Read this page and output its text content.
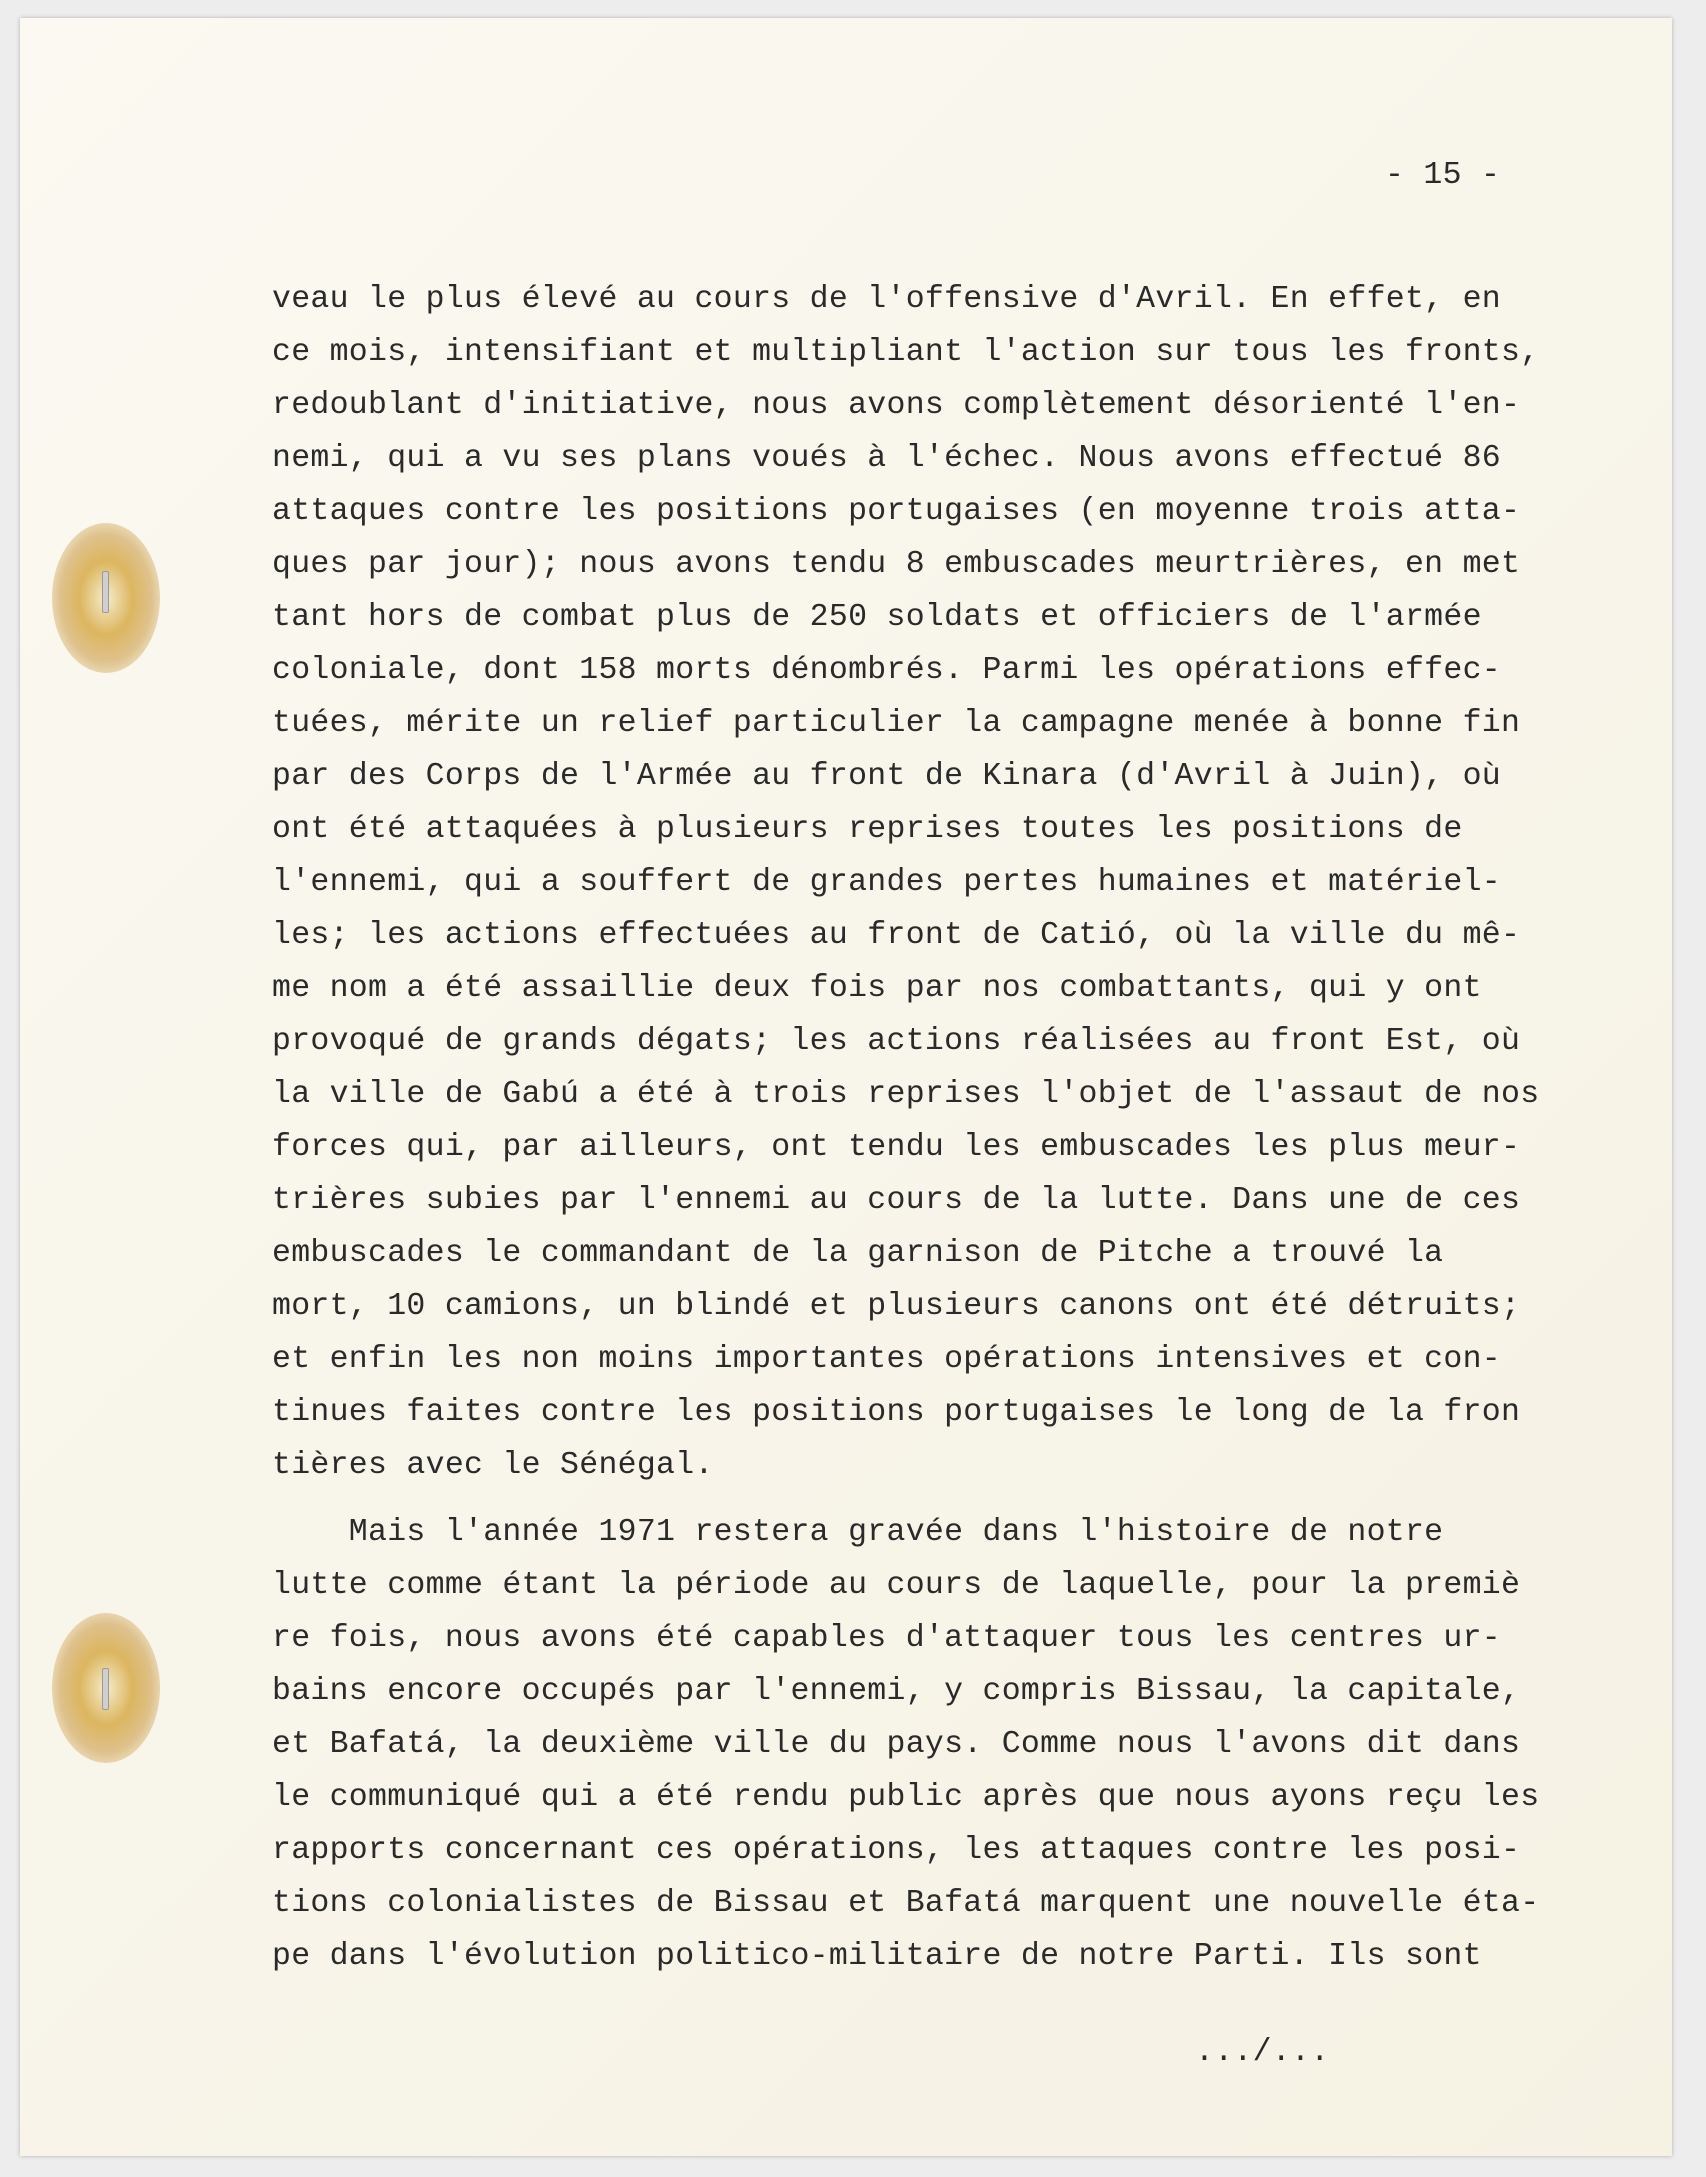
- 15 -
veau le plus élevé au cours de l'offensive d'Avril. En effet, en
ce mois, intensifiant et multipliant l'action sur tous les fronts,
redoublant d'initiative, nous avons complètement désorienté l'en-
nemi, qui a vu ses plans voués à l'échec. Nous avons effectué 86
attaques contre les positions portugaises (en moyenne trois atta-
ques par jour); nous avons tendu 8 embuscades meurtrières, en met
tant hors de combat plus de 250 soldats et officiers de l'armée
coloniale, dont 158 morts dénombrés. Parmi les opérations effec-
tuées, mérite un relief particulier la campagne menée à bonne fin
par des Corps de l'Armée au front de Kinara (d'Avril à Juin), où
ont été attaquées à plusieurs reprises toutes les positions de
l'ennemi, qui a souffert de grandes pertes humaines et matériel-
les; les actions effectuées au front de Catió, où la ville du mê-
me nom a été assaillie deux fois par nos combattants, qui y ont
provoqué de grands dégats; les actions réalisées au front Est, où
la ville de Gabú a été à trois reprises l'objet de l'assaut de nos
forces qui, par ailleurs, ont tendu les embuscades les plus meur-
trières subies par l'ennemi au cours de la lutte. Dans une de ces
embuscades le commandant de la garnison de Pitche a trouvé la
mort, 10 camions, un blindé et plusieurs canons ont été détruits;
et enfin les non moins importantes opérations intensives et con-
tinues faites contre les positions portugaises le long de la fron
tières avec le Sénégal.
Mais l'année 1971 restera gravée dans l'histoire de notre
lutte comme étant la période au cours de laquelle, pour la premiè
re fois, nous avons été capables d'attaquer tous les centres ur-
bains encore occupés par l'ennemi, y compris Bissau, la capitale,
et Bafatá, la deuxième ville du pays. Comme nous l'avons dit dans
le communiqué qui a été rendu public après que nous ayons reçu les
rapports concernant ces opérations, les attaques contre les posi-
tions colonialistes de Bissau et Bafatá marquent une nouvelle éta-
pe dans l'évolution politico-militaire de notre Parti. Ils sont
.../...
